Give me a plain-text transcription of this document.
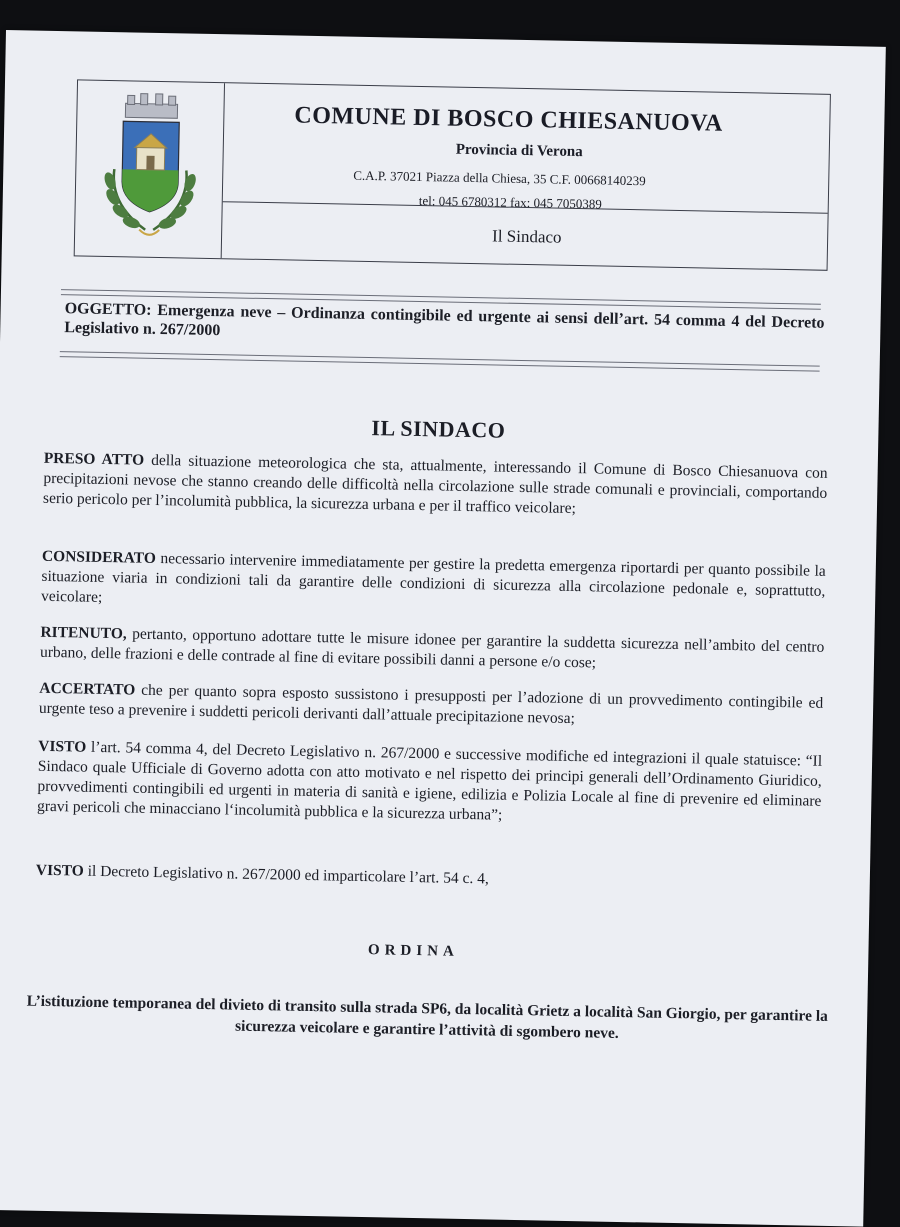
COMUNE DI BOSCO CHIESANUOVA
Provincia di Verona
C.A.P. 37021 Piazza della Chiesa, 35 C.F. 00668140239
tel: 045 6780312 fax: 045 7050389
Il Sindaco
OGGETTO: Emergenza neve – Ordinanza contingibile ed urgente ai sensi dell’art. 54 comma 4 del Decreto Legislativo n. 267/2000
IL SINDACO
PRESO ATTO della situazione meteorologica che sta, attualmente, interessando il Comune di Bosco Chiesanuova con precipitazioni nevose che stanno creando delle difficoltà nella circolazione sulle strade comunali e provinciali, comportando serio pericolo per l’incolumità pubblica, la sicurezza urbana e per il traffico veicolare;
CONSIDERATO necessario intervenire immediatamente per gestire la predetta emergenza riportardi per quanto possibile la situazione viaria in condizioni tali da garantire delle condizioni di sicurezza alla circolazione pedonale e, soprattutto, veicolare;
RITENUTO, pertanto, opportuno adottare tutte le misure idonee per garantire la suddetta sicurezza nell’ambito del centro urbano, delle frazioni e delle contrade al fine di evitare possibili danni a persone e/o cose;
ACCERTATO che per quanto sopra esposto sussistono i presupposti per l’adozione di un provvedimento contingibile ed urgente teso a prevenire i suddetti pericoli derivanti dall’attuale precipitazione nevosa;
VISTO l’art. 54 comma 4, del Decreto Legislativo n. 267/2000 e successive modifiche ed integrazioni il quale statuisce: “Il Sindaco quale Ufficiale di Governo adotta con atto motivato e nel rispetto dei principi generali dell’Ordinamento Giuridico, provvedimenti contingibili ed urgenti in materia di sanità e igiene, edilizia e Polizia Locale al fine di prevenire ed eliminare gravi pericoli che minacciano l‘incolumità pubblica e la sicurezza urbana”;
VISTO il Decreto Legislativo n. 267/2000 ed imparticolare l’art. 54 c. 4,
ORDINA
L’istituzione temporanea del divieto di transito sulla strada SP6, da località Grietz a località San Giorgio, per garantire la sicurezza veicolare e garantire l’attività di sgombero neve.
